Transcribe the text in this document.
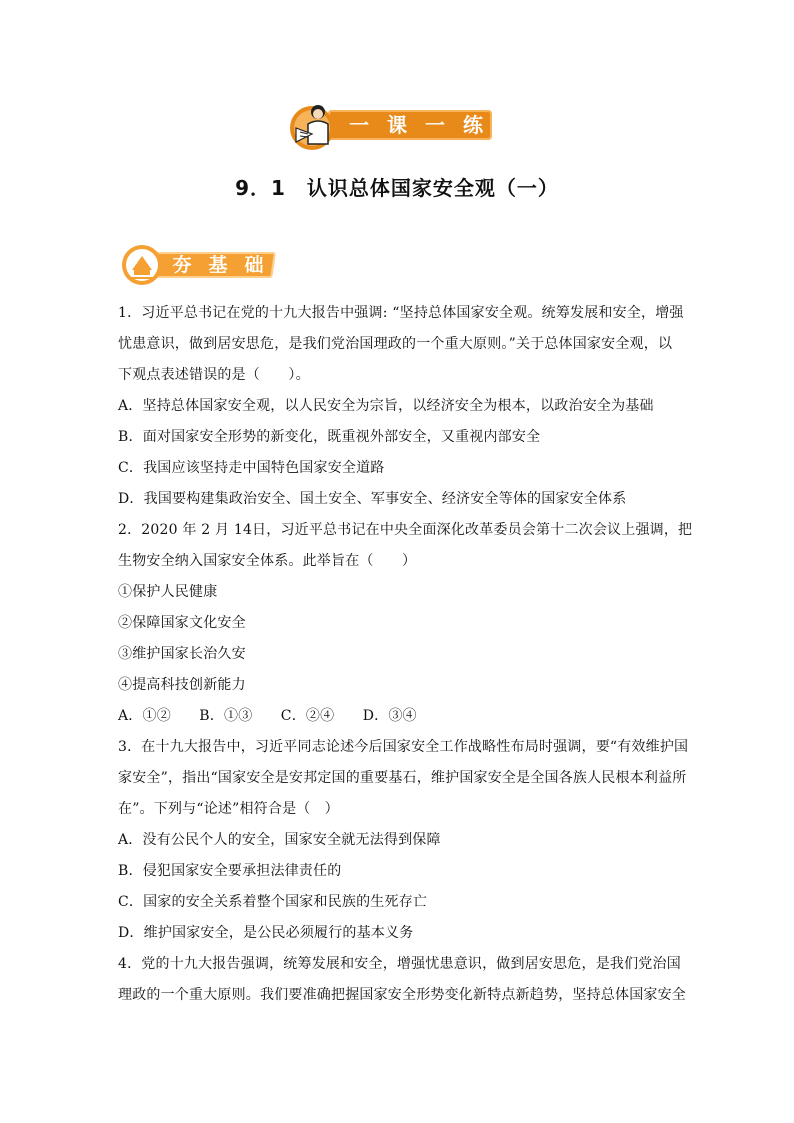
一 课 一 练
9．1　认识总体国家安全观（一）
夯 基 础
1．习近平总书记在党的十九大报告中强调: “坚持总体国家安全观。统筹发展和安全，增强
忧患意识，做到居安思危，是我们党治国理政的一个重大原则。”关于总体国家安全观，以
下观点表述错误的是（　　）。
A．坚持总体国家安全观，以人民安全为宗旨，以经济安全为根本，以政治安全为基础
B．面对国家安全形势的新变化，既重视外部安全，又重视内部安全
C．我国应该坚持走中国特色国家安全道路
D．我国要构建集政治安全、国土安全、军事安全、经济安全等体的国家安全体系
2．2020 年 2 月 14日，习近平总书记在中央全面深化改革委员会第十二次会议上强调，把
生物安全纳入国家安全体系。此举旨在（　　）
①保护人民健康
②保障国家文化安全
③维护国家长治久安
④提高科技创新能力
A．①②　　B．①③　　C．②④　　D．③④
3．在十九大报告中，习近平同志论述今后国家安全工作战略性布局时强调，要“有效维护国
家安全”，指出“国家安全是安邦定国的重要基石，维护国家安全是全国各族人民根本利益所
在”。下列与“论述”相符合是（　）
A．没有公民个人的安全，国家安全就无法得到保障
B．侵犯国家安全要承担法律责任的
C．国家的安全关系着整个国家和民族的生死存亡
D．维护国家安全，是公民必须履行的基本义务
4．党的十九大报告强调，统筹发展和安全，增强忧患意识，做到居安思危，是我们党治国
理政的一个重大原则。我们要准确把握国家安全形势变化新特点新趋势，坚持总体国家安全
